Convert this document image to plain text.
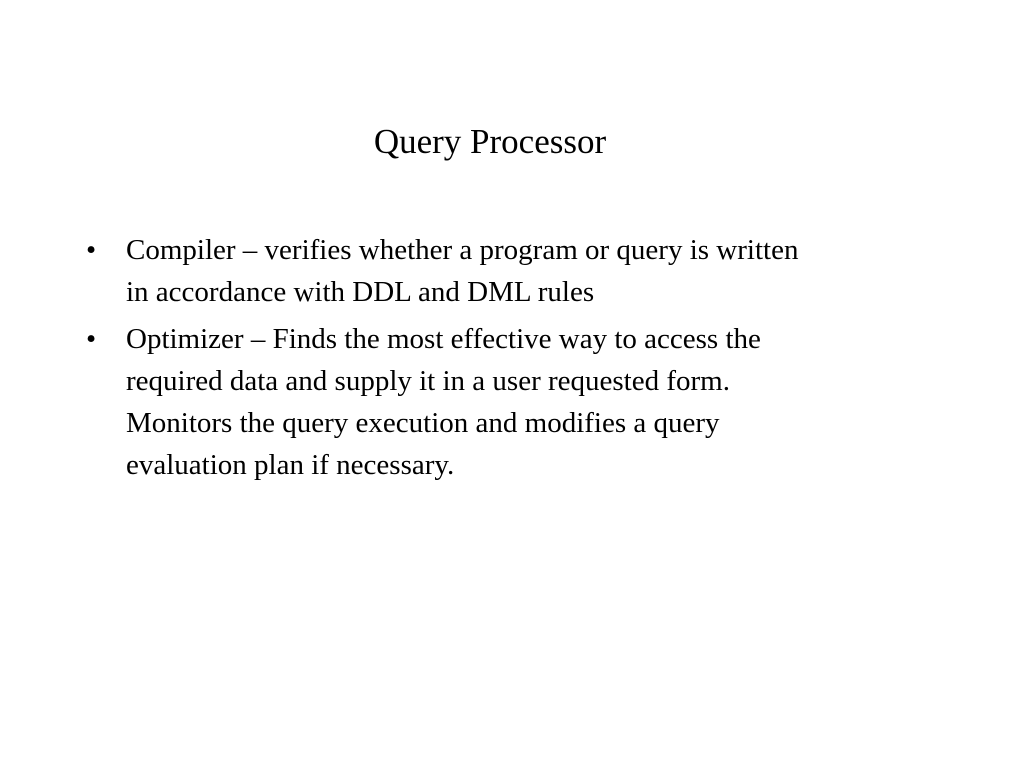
Query Processor
•	Compiler – verifies whether a program or query is written
in accordance with DDL and DML rules
•	Optimizer – Finds the most effective way to access the
required data and supply it in a user requested form.
Monitors the query execution and modifies a query
evaluation plan if necessary.
